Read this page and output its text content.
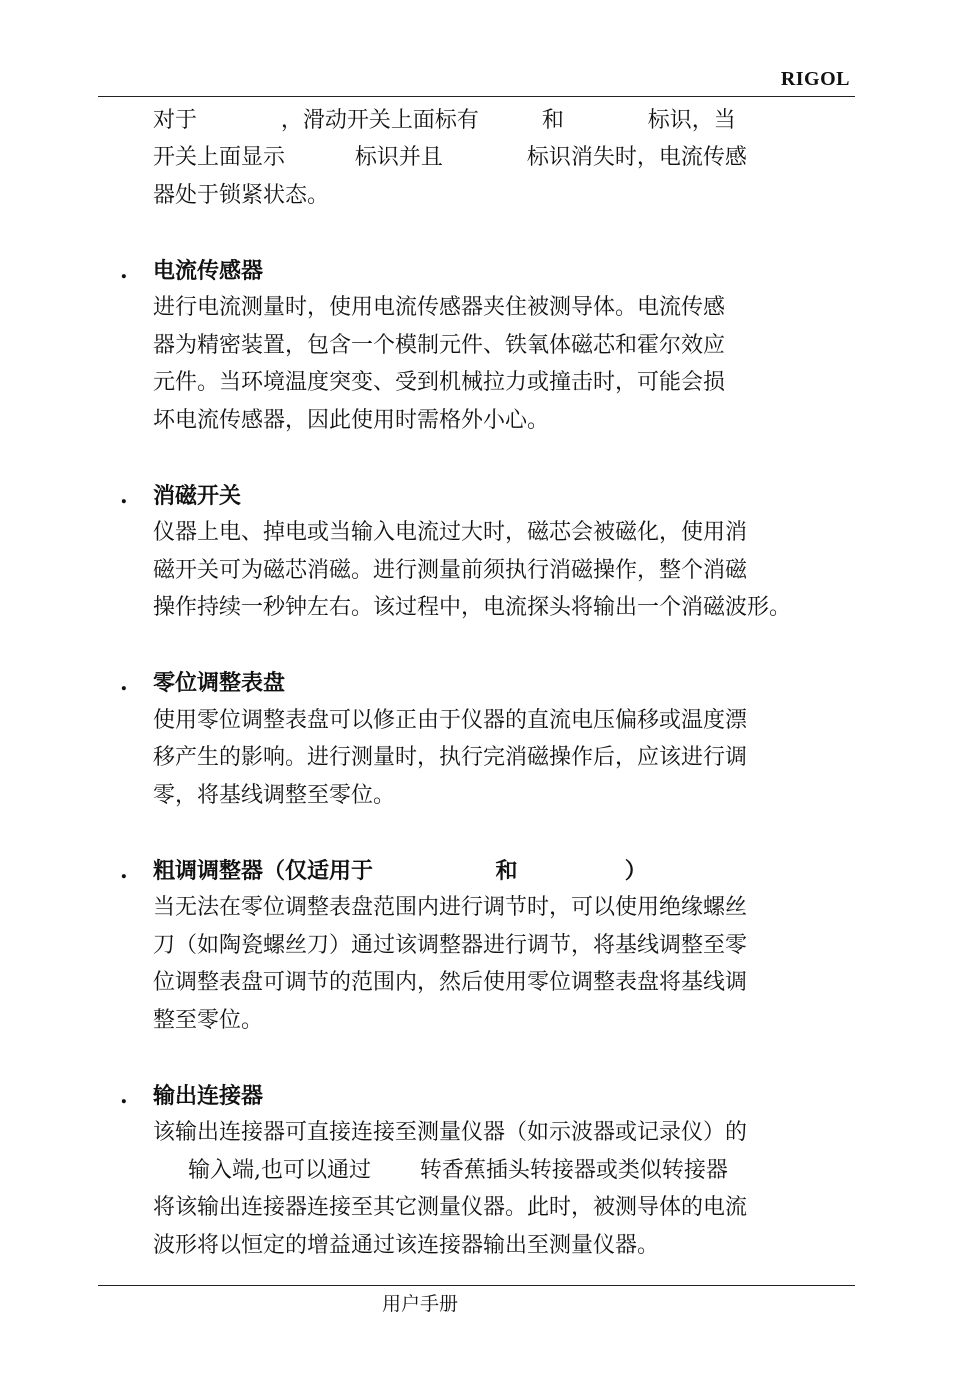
RIGOL
对于            ，滑动开关上面标有         和            标识，当
开关上面显示          标识并且            标识消失时，电流传感
器处于锁紧状态。
. 电流传感器
进行电流测量时，使用电流传感器夹住被测导体。电流传感
器为精密装置，包含一个模制元件、铁氧体磁芯和霍尔效应
元件。当环境温度突变、受到机械拉力或撞击时，可能会损
坏电流传感器，因此使用时需格外小心。
. 消磁开关
仪器上电、掉电或当输入电流过大时，磁芯会被磁化，使用消
磁开关可为磁芯消磁。进行测量前须执行消磁操作，整个消磁
操作持续一秒钟左右。该过程中，电流探头将输出一个消磁波形。
. 零位调整表盘
使用零位调整表盘可以修正由于仪器的直流电压偏移或温度漂
移产生的影响。进行测量时，执行完消磁操作后，应该进行调
零，将基线调整至零位。
. 粗调调整器（仅适用于                和              ）
当无法在零位调整表盘范围内进行调节时，可以使用绝缘螺丝
刀（如陶瓷螺丝刀）通过该调整器进行调节，将基线调整至零
位调整表盘可调节的范围内，然后使用零位调整表盘将基线调
整至零位。
. 输出连接器
该输出连接器可直接连接至测量仪器（如示波器或记录仪）的
输入端,也可以通过       转香蕉插头转接器或类似转接器
将该输出连接器连接至其它测量仪器。此时，被测导体的电流
波形将以恒定的增益通过该连接器输出至测量仪器。
用户手册
